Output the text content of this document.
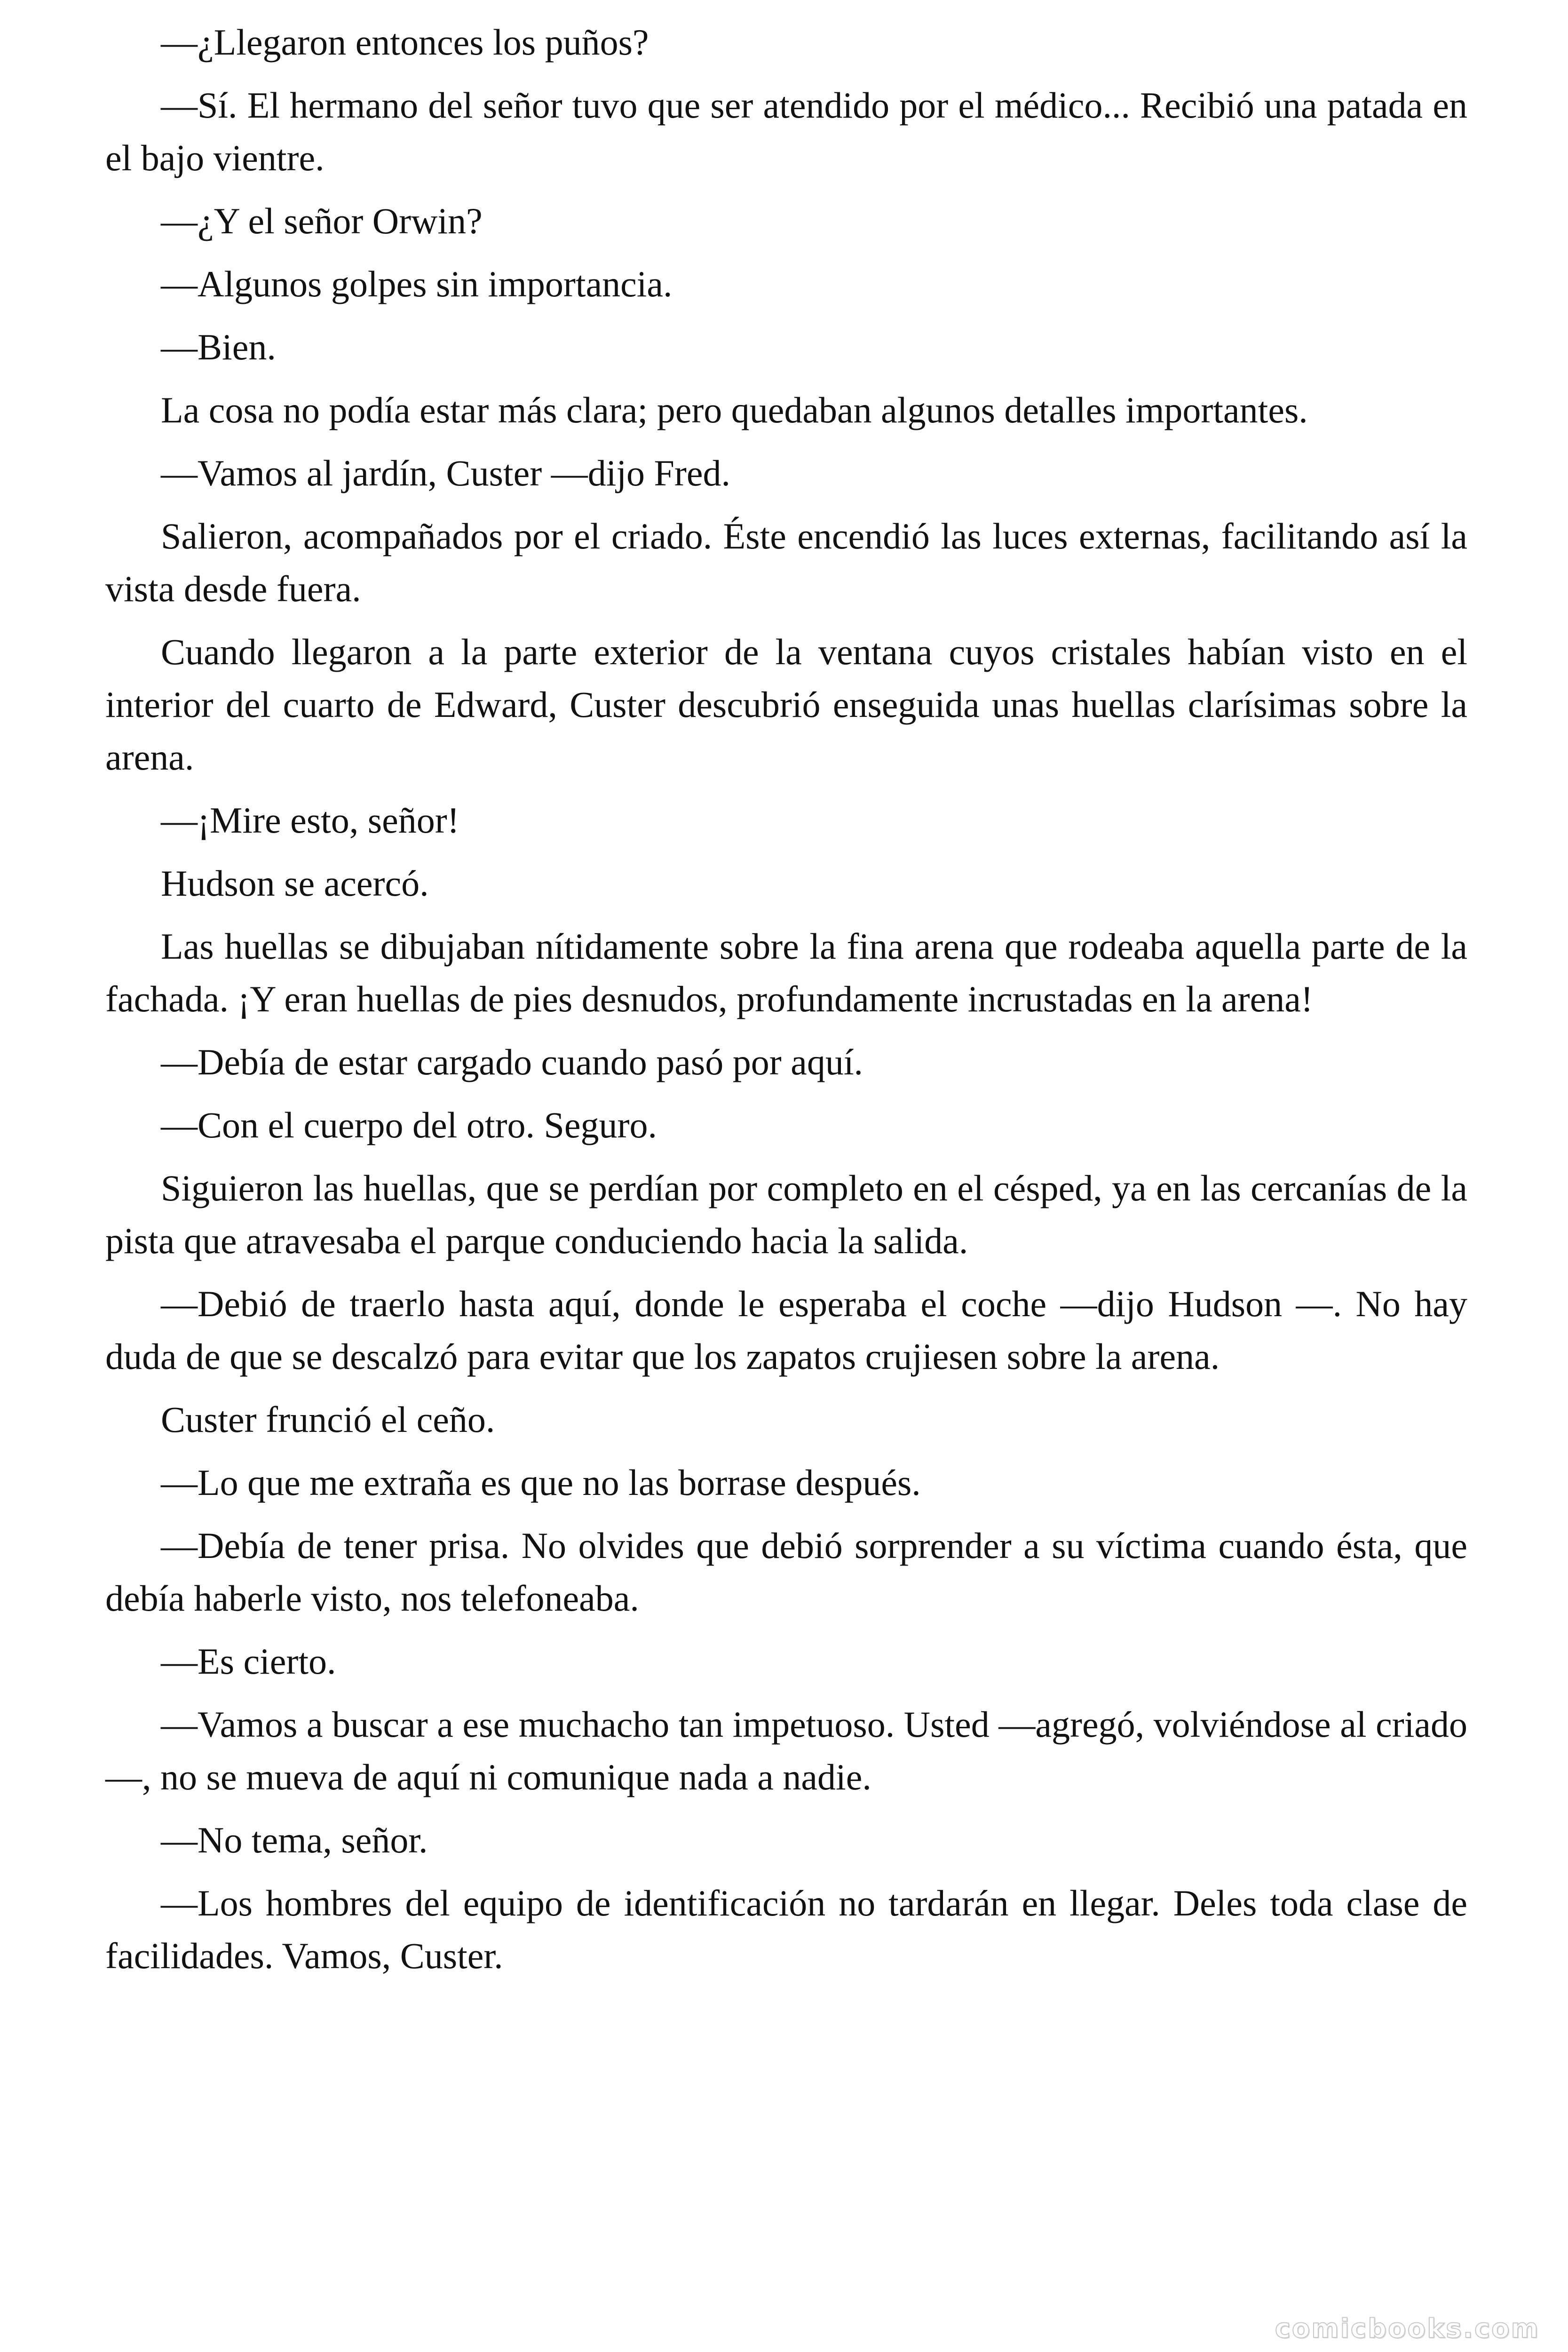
—¿Llegaron entonces los puños?

—Sí. El hermano del señor tuvo que ser atendido por el médico... Recibió una patada en el bajo vientre.

—¿Y el señor Orwin?

—Algunos golpes sin importancia.

—Bien.

La cosa no podía estar más clara; pero quedaban algunos detalles importantes.

—Vamos al jardín, Custer —dijo Fred.

Salieron, acompañados por el criado. Éste encendió las luces externas, facilitando así la vista desde fuera.

Cuando llegaron a la parte exterior de la ventana cuyos cristales habían visto en el interior del cuarto de Edward, Custer descubrió enseguida unas huellas clarísimas sobre la arena.

—¡Mire esto, señor!

Hudson se acercó.

Las huellas se dibujaban nítidamente sobre la fina arena que rodeaba aquella parte de la fachada. ¡Y eran huellas de pies desnudos, profundamente incrustadas en la arena!

—Debía de estar cargado cuando pasó por aquí.

—Con el cuerpo del otro. Seguro.

Siguieron las huellas, que se perdían por completo en el césped, ya en las cercanías de la pista que atravesaba el parque conduciendo hacia la salida.

—Debió de traerlo hasta aquí, donde le esperaba el coche —dijo Hudson —. No hay duda de que se descalzó para evitar que los zapatos crujiesen sobre la arena.

Custer frunció el ceño.

—Lo que me extraña es que no las borrase después.

—Debía de tener prisa. No olvides que debió sorprender a su víctima cuando ésta, que debía haberle visto, nos telefoneaba.

—Es cierto.

—Vamos a buscar a ese muchacho tan impetuoso. Usted —agregó, volviéndose al criado—, no se mueva de aquí ni comunique nada a nadie.

—No tema, señor.

—Los hombres del equipo de identificación no tardarán en llegar. Deles toda clase de facilidades. Vamos, Custer.

comicbooks.com
